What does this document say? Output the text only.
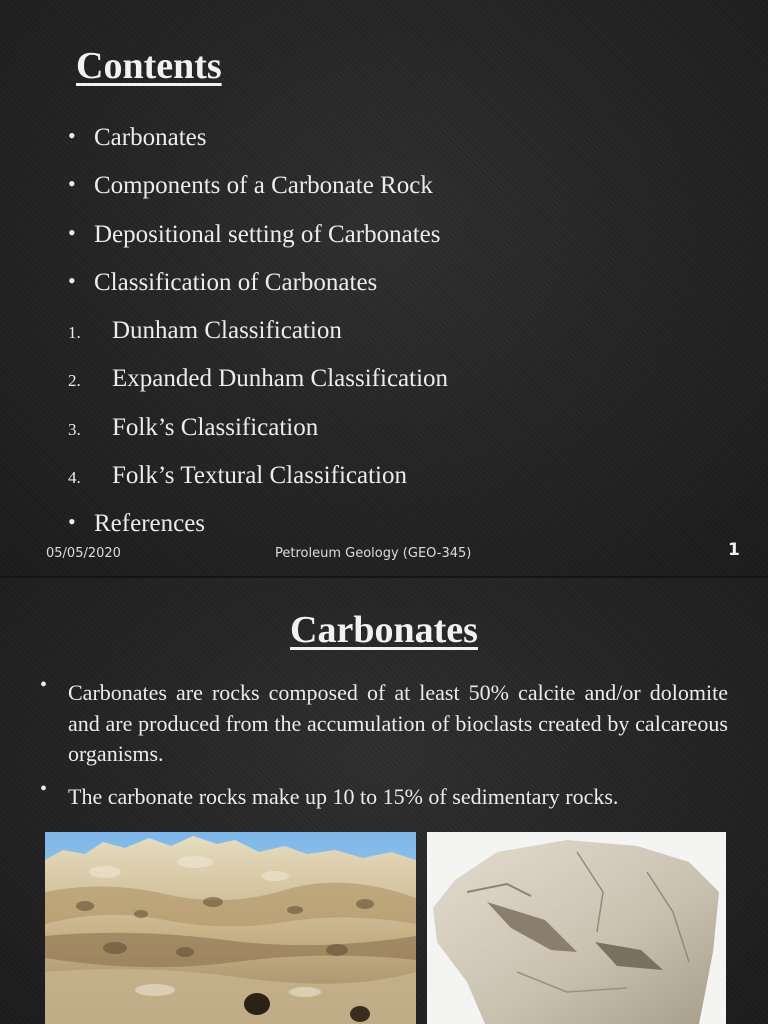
Contents
• Carbonates
• Components of a Carbonate Rock
• Depositional setting of Carbonates
• Classification of Carbonates
1. Dunham Classification
2. Expanded Dunham Classification
3. Folk’s Classification
4. Folk’s Textural Classification
• References
05/05/2020	Petroleum Geology (GEO-345)	1
Carbonates
• Carbonates are rocks composed of at least 50% calcite and/or dolomite and are produced from the accumulation of bioclasts created by calcareous organisms.

• The carbonate rocks make up 10 to 15% of sedimentary rocks.
